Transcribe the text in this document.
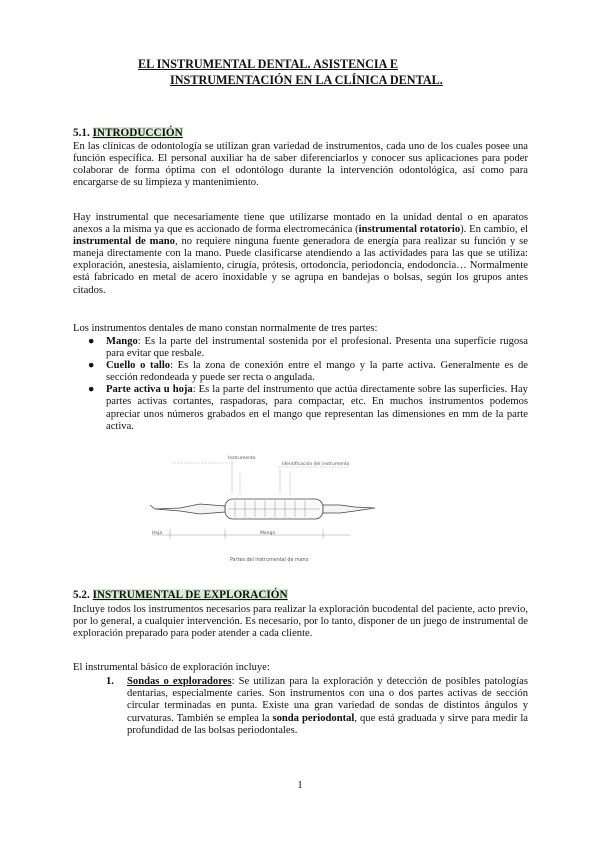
EL INSTRUMENTAL DENTAL. ASISTENCIA E
INSTRUMENTACIÓN EN LA CLÍNICA DENTAL.
5.1. INTRODUCCIÓN
En las clínicas de odontología se utilizan gran variedad de instrumentos, cada uno de los cuales posee una función específica. El personal auxiliar ha de saber diferenciarlos y conocer sus aplicaciones para poder colaborar de forma óptima con el odontólogo durante la intervención odontológica, así como para encargarse de su limpieza y mantenimiento.
Hay instrumental que necesariamente tiene que utilizarse montado en la unidad dental o en aparatos anexos a la misma ya que es accionado de forma electromecánica (instrumental rotatorio). En cambio, el instrumental de mano, no requiere ninguna fuente generadora de energía para realizar su función y se maneja directamente con la mano. Puede clasificarse atendiendo a las actividades para las que se utiliza: exploración, anestesia, aislamiento, cirugía, prótesis, ortodoncia, periodoncia, endodoncia… Normalmente está fabricado en metal de acero inoxidable y se agrupa en bandejas o bolsas, según los grupos antes citados.
Los instrumentos dentales de mano constan normalmente de tres partes:
● Mango: Es la parte del instrumental sostenida por el profesional. Presenta una superficie rugosa para evitar que resbale.
● Cuello o tallo: Es la zona de conexión entre el mango y la parte activa. Generalmente es de sección redondeada y puede ser recta o angulada.
● Parte activa u hoja: Es la parte del instrumento que actúa directamente sobre las superficies. Hay partes activas cortantes, raspadoras, para compactar, etc. En muchos instrumentos podemos apreciar unos números grabados en el mango que representan las dimensiones en mm de la parte activa.
Instrumento
Identificación del instrumento
Hoja	Mango
Partes del instrumental de mano
5.2. INSTRUMENTAL DE EXPLORACIÓN
Incluye todos los instrumentos necesarios para realizar la exploración bucodental del paciente, acto previo, por lo general, a cualquier intervención. Es necesario, por lo tanto, disponer de un juego de instrumental de exploración preparado para poder atender a cada cliente.
El instrumental básico de exploración incluye:
1. Sondas o exploradores: Se utilizan para la exploración y detección de posibles patologías dentarias, especialmente caries. Son instrumentos con una o dos partes activas de sección circular terminadas en punta. Existe una gran variedad de sondas de distintos ángulos y curvaturas. También se emplea la sonda periodontal, que está graduada y sirve para medir la profundidad de las bolsas periodontales.
1
